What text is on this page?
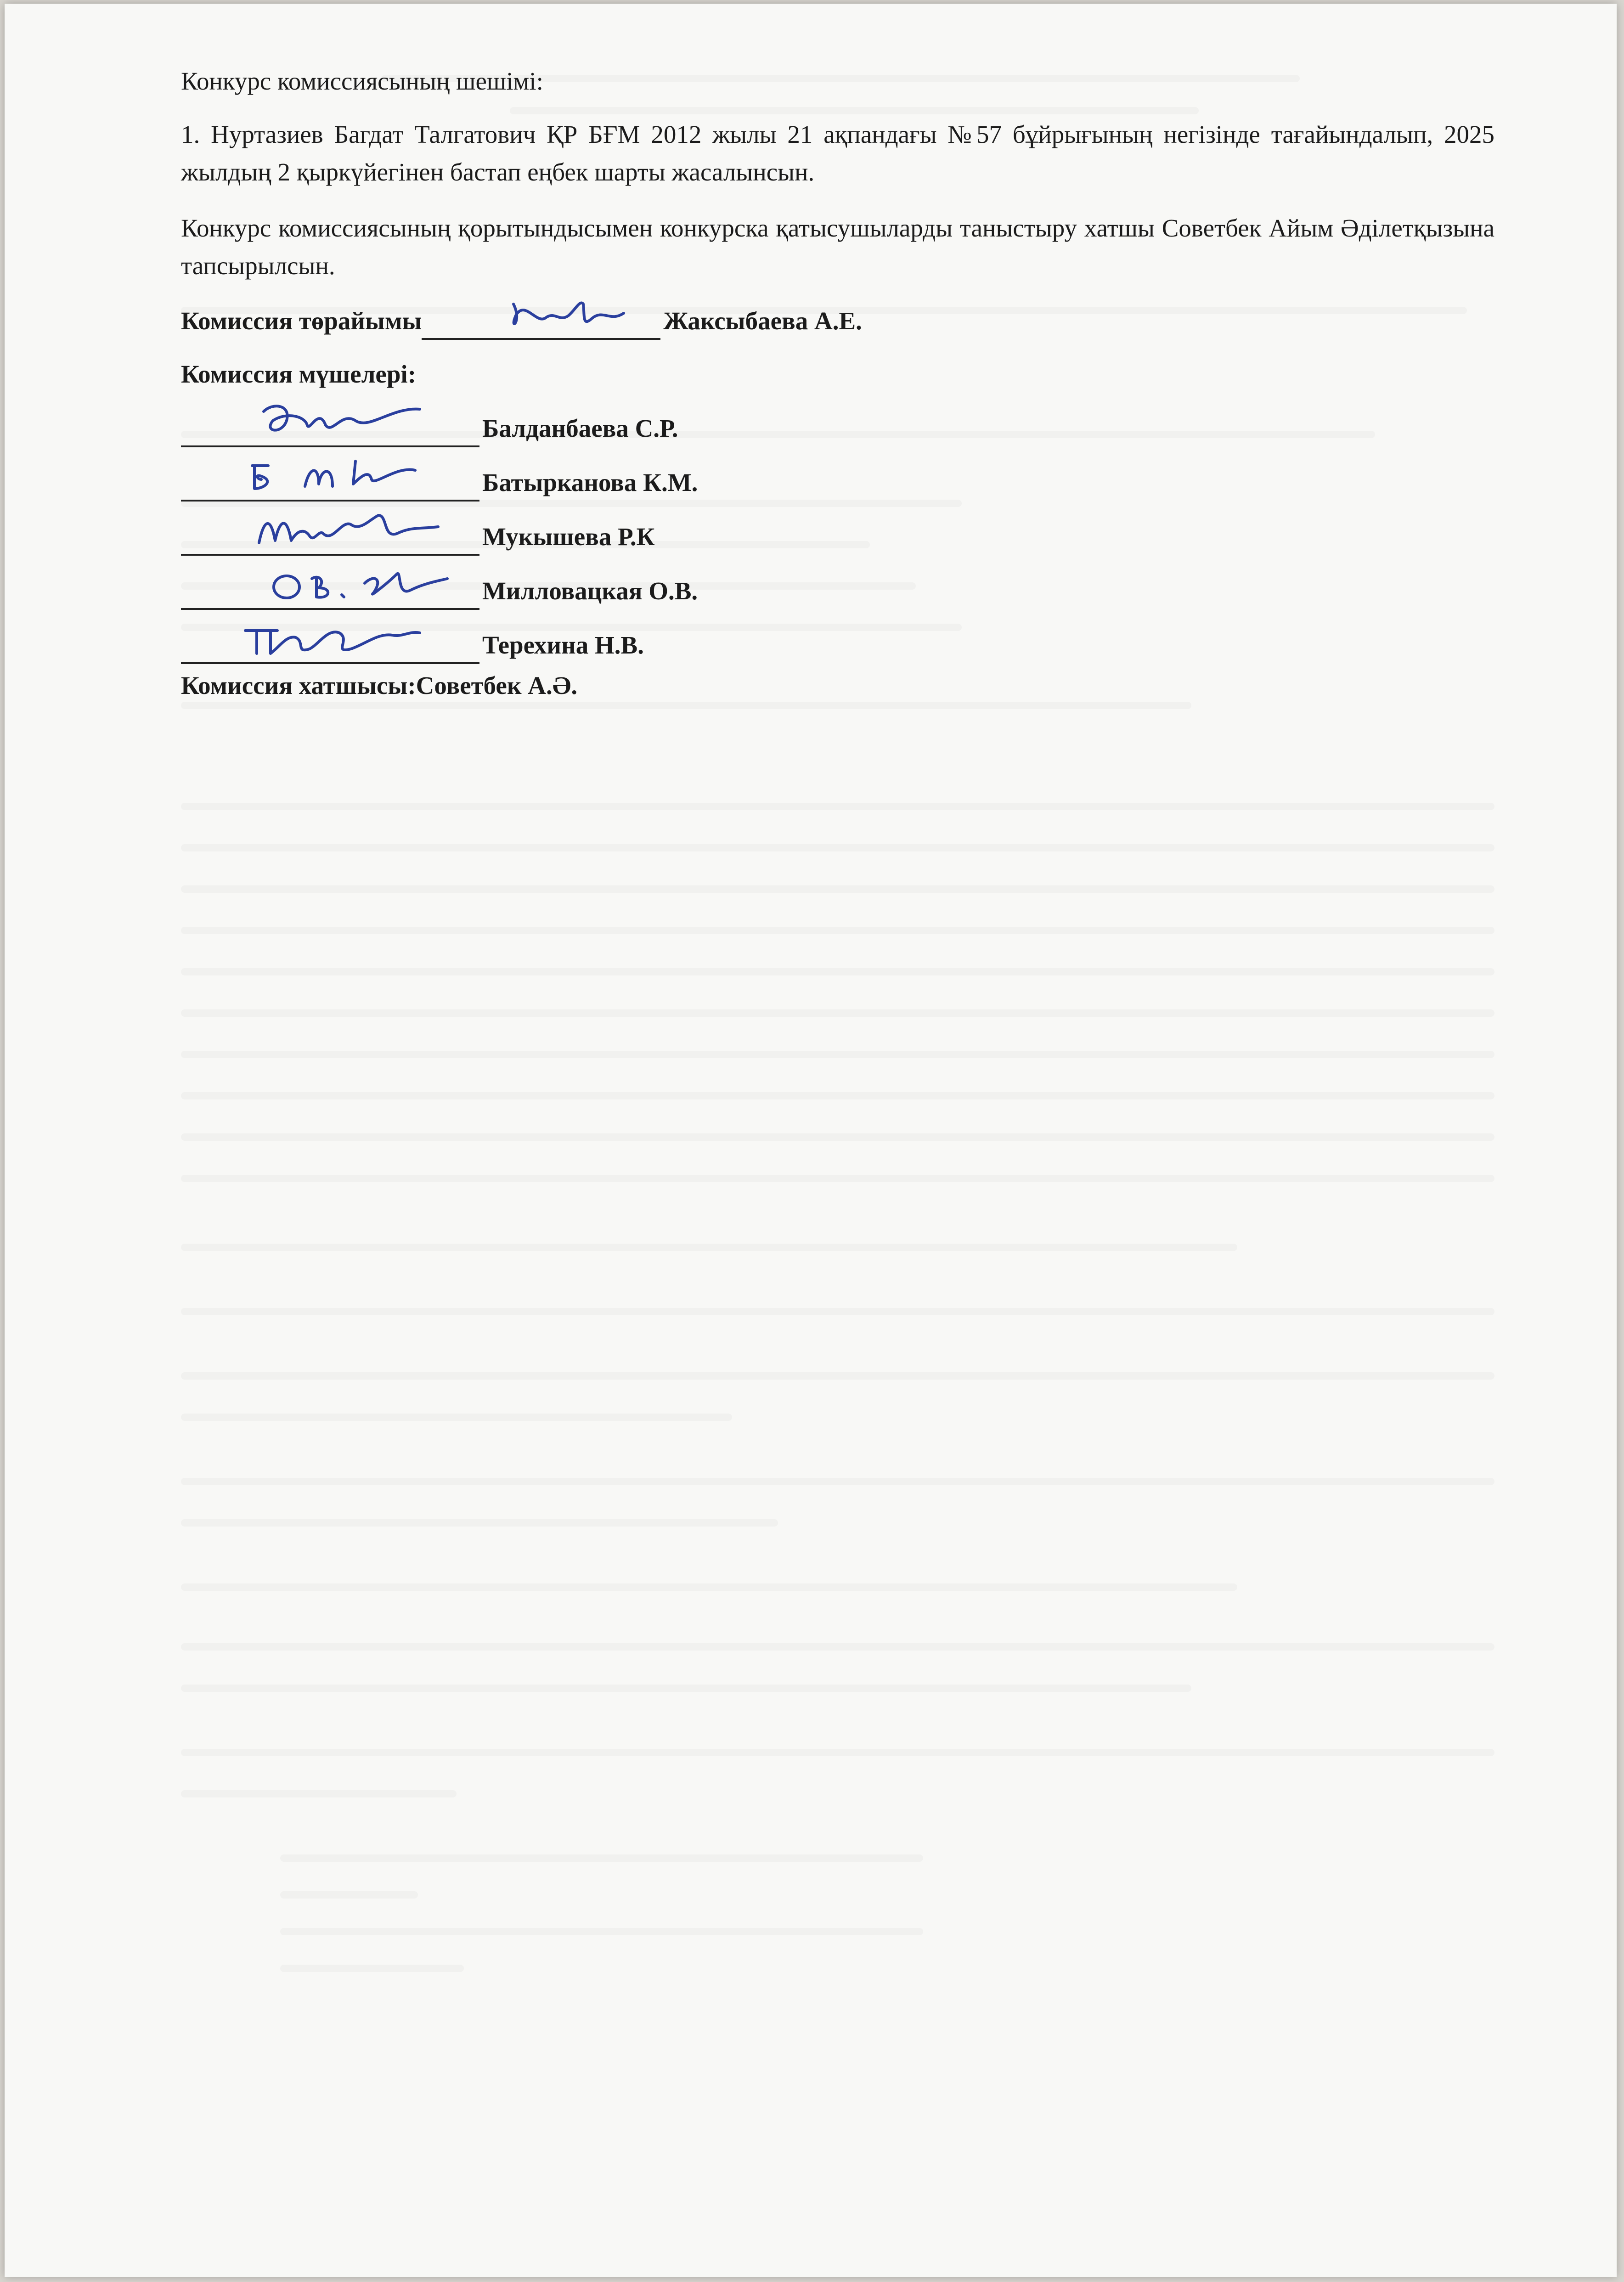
Конкурс комиссиясының шешімі:

1. Нуртазиев Багдат Талгатович ҚР БҒМ 2012 жылы 21 ақпандағы №57 бұйрығының негізінде тағайындалып, 2025 жылдың 2 қыркүйегінен бастап еңбек шарты жасалынсын.

Конкурс комиссиясының қорытындысымен конкурска қатысушыларды таныстыру хатшы Советбек Айым Әділетқызына тапсырылсын.

Комиссия төрайымы	Жаксыбаева А.Е.

Комиссия мүшелері:

Балданбаева С.Р.
Батырканова К.М.
Мукышева Р.К
Милловацкая О.В.
Терехина Н.В.

Комиссия хатшысы:Советбек А.Ә.
